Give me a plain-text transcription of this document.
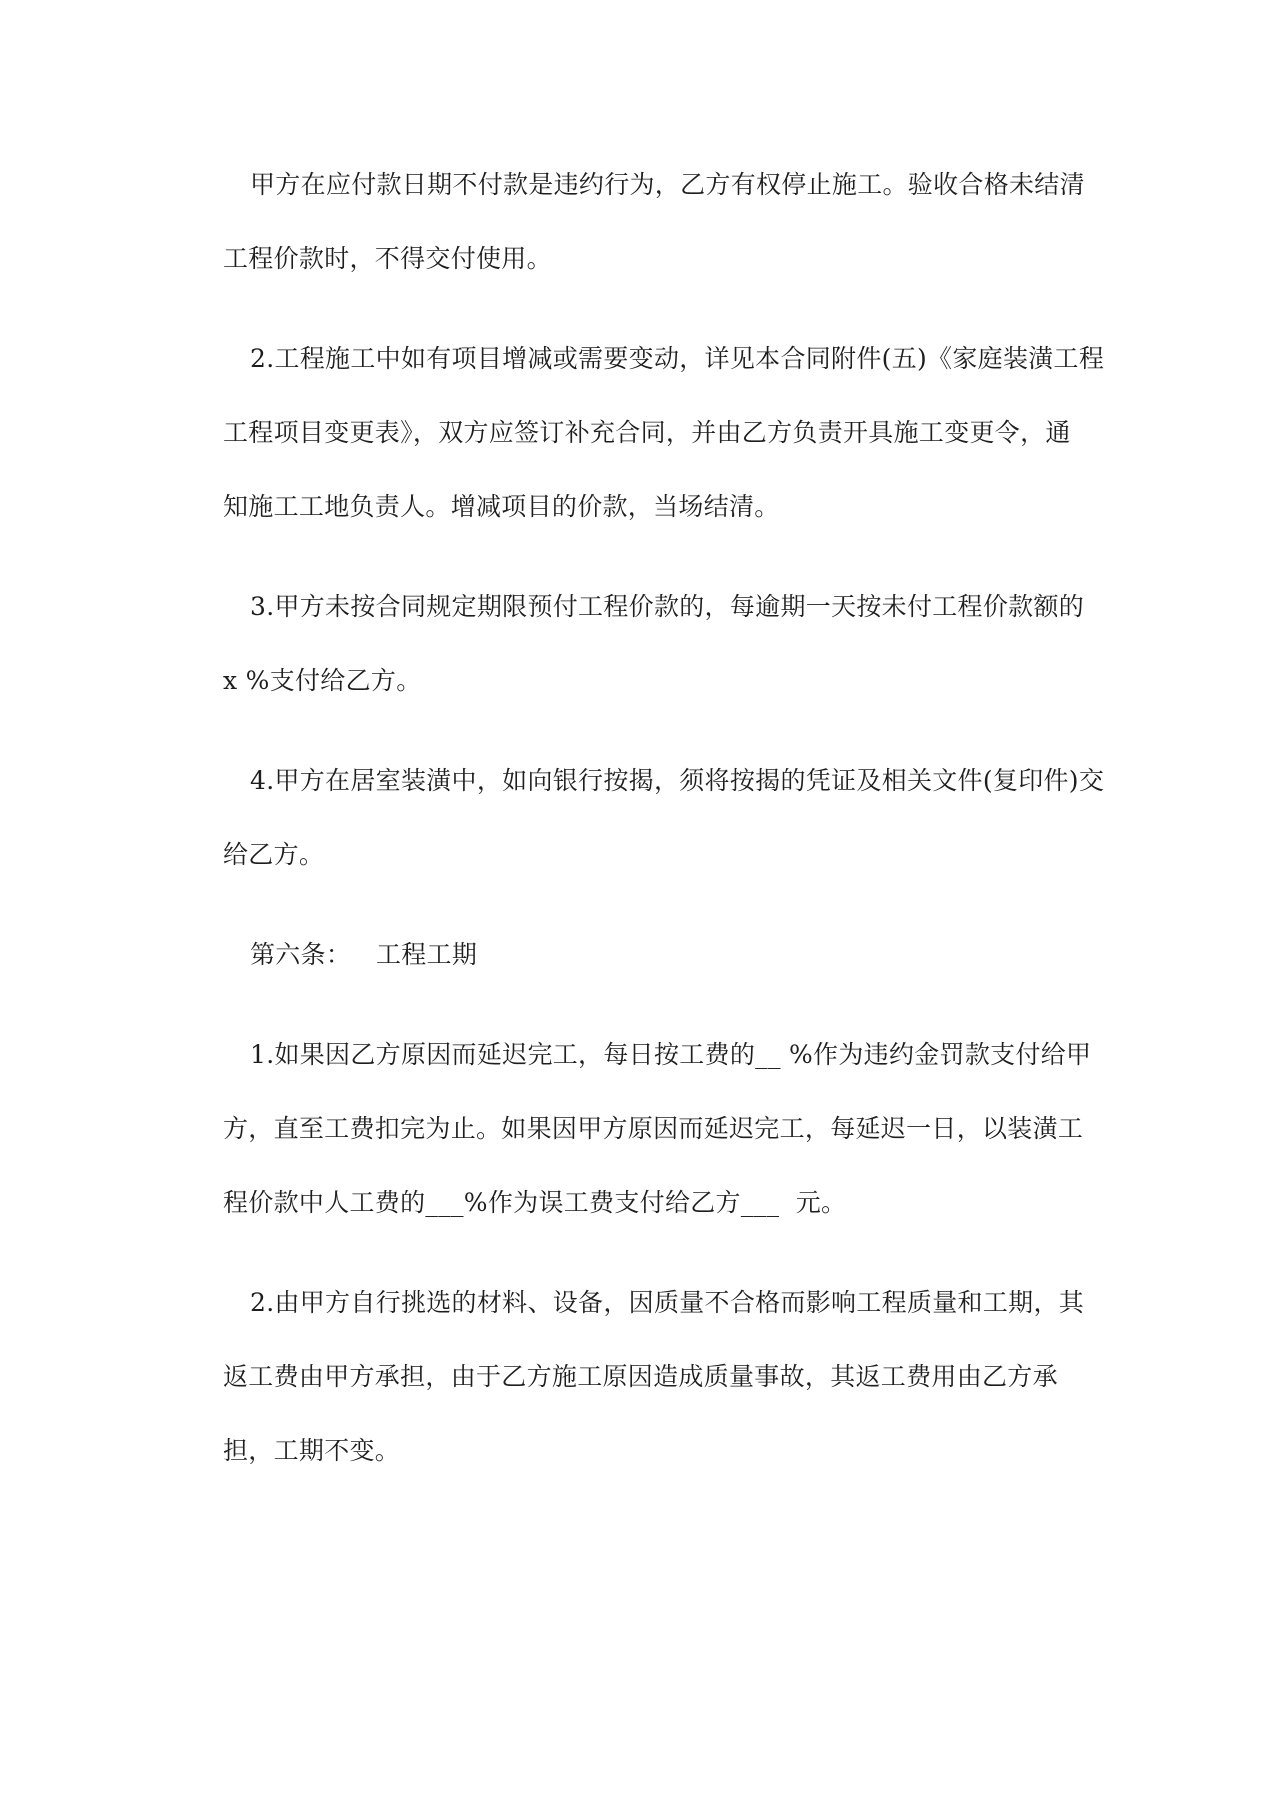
甲方在应付款日期不付款是违约行为，乙方有权停止施工。验收合格未结清
工程价款时，不得交付使用。
2.工程施工中如有项目增减或需要变动，详见本合同附件(五)《家庭装潢工程
工程项目变更表》，双方应签订补充合同，并由乙方负责开具施工变更令，通
知施工工地负责人。增减项目的价款，当场结清。
3.甲方未按合同规定期限预付工程价款的，每逾期一天按未付工程价款额的
x %支付给乙方。
4.甲方在居室装潢中，如向银行按揭，须将按揭的凭证及相关文件(复印件)交
给乙方。
第六条：   工程工期
1.如果因乙方原因而延迟完工，每日按工费的__ %作为违约金罚款支付给甲
方，直至工费扣完为止。如果因甲方原因而延迟完工，每延迟一日，以装潢工
程价款中人工费的___%作为误工费支付给乙方___  元。
2.由甲方自行挑选的材料、设备，因质量不合格而影响工程质量和工期，其
返工费由甲方承担，由于乙方施工原因造成质量事故，其返工费用由乙方承
担，工期不变。
